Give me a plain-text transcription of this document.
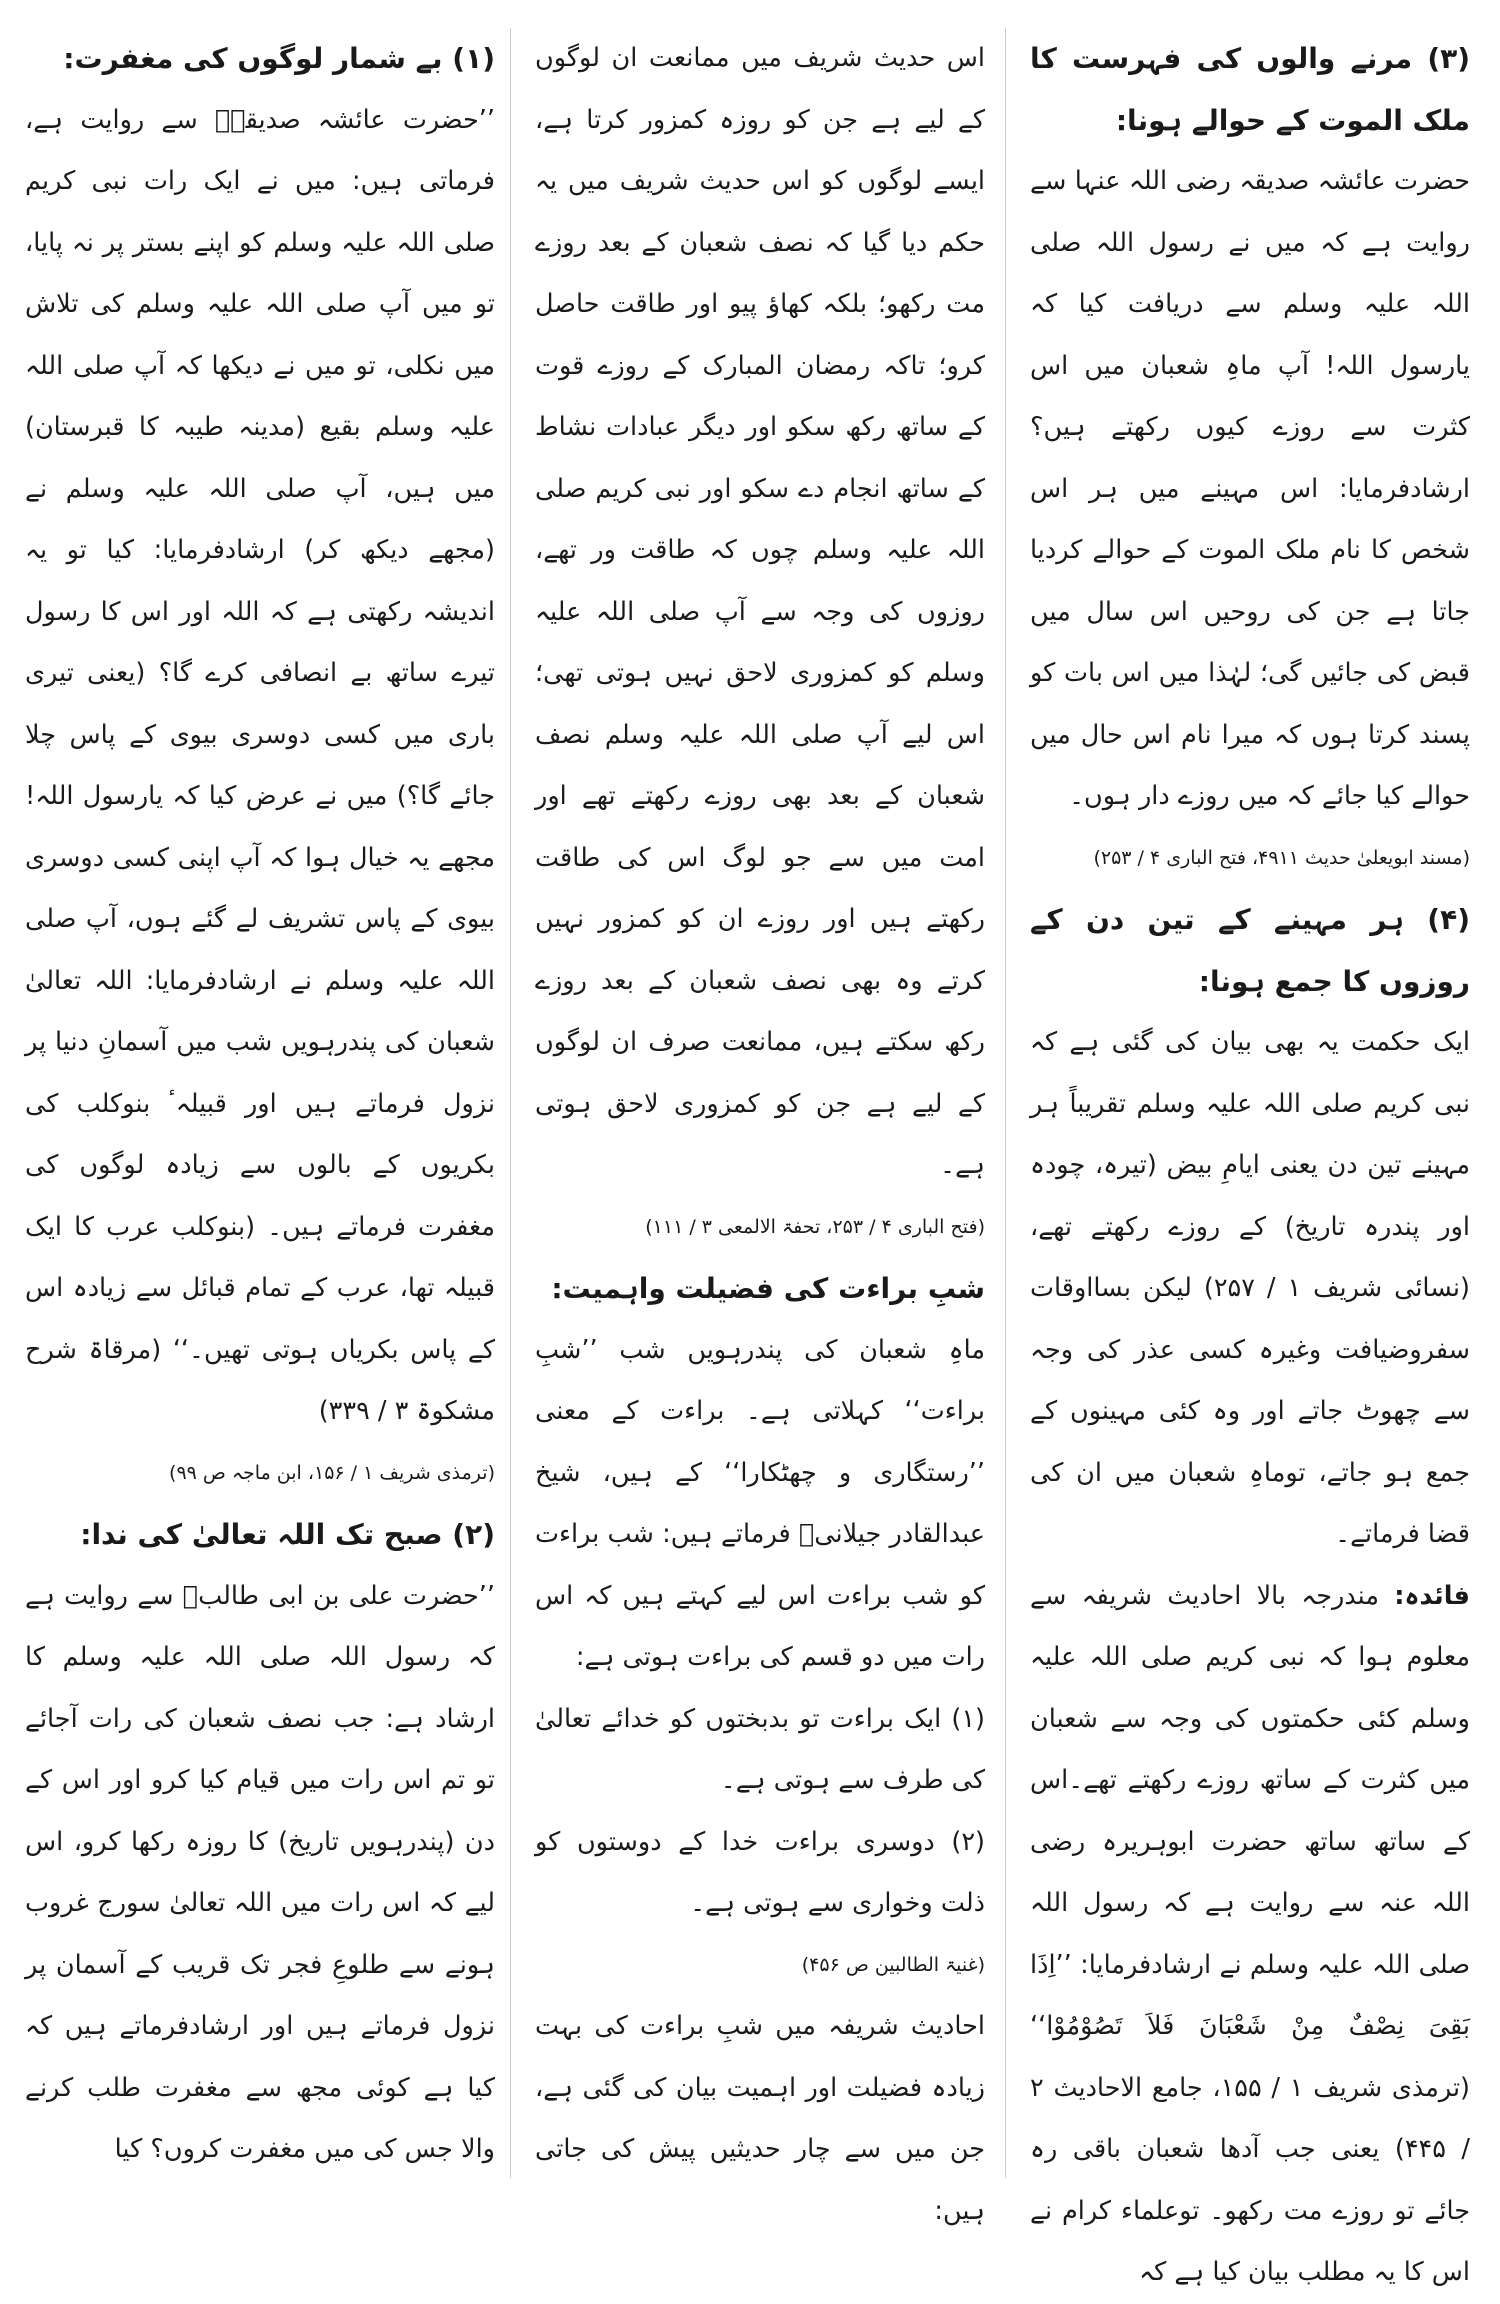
(۳) مرنے والوں کی فہرست کا ملک الموت کے حوالے ہونا:

حضرت عائشہ صدیقہ رضی اللہ عنہا سے روایت ہے کہ میں نے رسول اللہ صلی اللہ علیہ وسلم سے دریافت کیا کہ یارسول اللہ! آپ ماہِ شعبان میں اس کثرت سے روزے کیوں رکھتے ہیں؟ ارشادفرمایا: اس مہینے میں ہر اس شخص کا نام ملک الموت کے حوالے کردیا جاتا ہے جن کی روحیں اس سال میں قبض کی جائیں گی؛ لہٰذا میں اس بات کو پسند کرتا ہوں کہ میرا نام اس حال میں حوالے کیا جائے کہ میں روزے دار ہوں۔

(مسند ابویعلیٰ حدیث ۴۹۱۱، فتح الباری ۴ / ۲۵۳)

(۴) ہر مہینے کے تین دن کے روزوں کا جمع ہونا:

ایک حکمت یہ بھی بیان کی گئی ہے کہ نبی کریم صلی اللہ علیہ وسلم تقریباً ہر مہینے تین دن یعنی ایامِ بیض (تیرہ، چودہ اور پندرہ تاریخ) کے روزے رکھتے تھے، (نسائی شریف ۱ / ۲۵۷) لیکن بسااوقات سفروضیافت وغیرہ کسی عذر کی وجہ سے چھوٹ جاتے اور وہ کئی مہینوں کے جمع ہو جاتے، توماہِ شعبان میں ان کی قضا فرماتے۔

فائدہ: مندرجہ بالا احادیث شریفہ سے معلوم ہوا کہ نبی کریم صلی اللہ علیہ وسلم کئی حکمتوں کی وجہ سے شعبان میں کثرت کے ساتھ روزے رکھتے تھے۔اس کے ساتھ ساتھ حضرت ابوہریرہ رضی اللہ عنہ سے روایت ہے کہ رسول اللہ صلی اللہ علیہ وسلم نے ارشادفرمایا: ’’اِذَا بَقِیَ نِصْفٌ مِنْ شَعْبَانَ فَلاَ تَصُوْمُوْا‘‘ (ترمذی شریف ۱ / ۱۵۵، جامع الاحادیث ۲ / ۴۴۵) یعنی جب آدھا شعبان باقی رہ جائے تو روزے مت رکھو۔ توعلماء کرام نے اس کا یہ مطلب بیان کیا ہے کہ

اس حدیث شریف میں ممانعت ان لوگوں کے لیے ہے جن کو روزہ کمزور کرتا ہے، ایسے لوگوں کو اس حدیث شریف میں یہ حکم دیا گیا کہ نصف شعبان کے بعد روزے مت رکھو؛ بلکہ کھاؤ پیو اور طاقت حاصل کرو؛ تاکہ رمضان المبارک کے روزے قوت کے ساتھ رکھ سکو اور دیگر عبادات نشاط کے ساتھ انجام دے سکو اور نبی کریم صلی اللہ علیہ وسلم چوں کہ طاقت ور تھے، روزوں کی وجہ سے آپ صلی اللہ علیہ وسلم کو کمزوری لاحق نہیں ہوتی تھی؛ اس لیے آپ صلی اللہ علیہ وسلم نصف شعبان کے بعد بھی روزے رکھتے تھے اور امت میں سے جو لوگ اس کی طاقت رکھتے ہیں اور روزے ان کو کمزور نہیں کرتے وہ بھی نصف شعبان کے بعد روزے رکھ سکتے ہیں، ممانعت صرف ان لوگوں کے لیے ہے جن کو کمزوری لاحق ہوتی ہے۔

(فتح الباری ۴ / ۲۵۳، تحفۃ الالمعی ۳ / ۱۱۱)

شبِ براءت کی فضیلت واہمیت:

ماہِ شعبان کی پندرہویں شب ’’شبِ براءت‘‘ کہلاتی ہے۔ براءت کے معنی ’’رستگاری و چھٹکارا‘‘ کے ہیں، شیخ عبدالقادر جیلانیؒ فرماتے ہیں: شب براءت کو شب براءت اس لیے کہتے ہیں کہ اس رات میں دو قسم کی براءت ہوتی ہے:

(۱) ایک براءت تو بدبختوں کو خدائے تعالیٰ کی طرف سے ہوتی ہے۔

(۲) دوسری براءت خدا کے دوستوں کو ذلت وخواری سے ہوتی ہے۔

(غنیۃ الطالبین ص ۴۵۶)

احادیث شریفہ میں شبِ براءت کی بہت زیادہ فضیلت اور اہمیت بیان کی گئی ہے، جن میں سے چار حدیثیں پیش کی جاتی ہیں:

(۱) بے شمار لوگوں کی مغفرت:

’’حضرت عائشہ صدیقہؓ سے روایت ہے، فرماتی ہیں: میں نے ایک رات نبی کریم صلی اللہ علیہ وسلم کو اپنے بستر پر نہ پایا، تو میں آپ صلی اللہ علیہ وسلم کی تلاش میں نکلی، تو میں نے دیکھا کہ آپ صلی اللہ علیہ وسلم بقیع (مدینہ طیبہ کا قبرستان) میں ہیں، آپ صلی اللہ علیہ وسلم نے (مجھے دیکھ کر) ارشادفرمایا: کیا تو یہ اندیشہ رکھتی ہے کہ اللہ اور اس کا رسول تیرے ساتھ بے انصافی کرے گا؟ (یعنی تیری باری میں کسی دوسری بیوی کے پاس چلا جائے گا؟) میں نے عرض کیا کہ یارسول اللہ! مجھے یہ خیال ہوا کہ آپ اپنی کسی دوسری بیوی کے پاس تشریف لے گئے ہوں، آپ صلی اللہ علیہ وسلم نے ارشادفرمایا: اللہ تعالیٰ شعبان کی پندرہویں شب میں آسمانِ دنیا پر نزول فرماتے ہیں اور قبیلہٴ بنوکلب کی بکریوں کے بالوں سے زیادہ لوگوں کی مغفرت فرماتے ہیں۔ (بنوکلب عرب کا ایک قبیلہ تھا، عرب کے تمام قبائل سے زیادہ اس کے پاس بکریاں ہوتی تھیں۔‘‘ (مرقاۃ شرح مشکوۃ ۳ / ۳۳۹)

(ترمذی شریف ۱ / ۱۵۶، ابن ماجہ ص ۹۹)

(۲) صبح تک اللہ تعالیٰ کی ندا:

’’حضرت علی بن ابی طالبؓ سے روایت ہے کہ رسول اللہ صلی اللہ علیہ وسلم کا ارشاد ہے: جب نصف شعبان کی رات آجائے تو تم اس رات میں قیام کیا کرو اور اس کے دن (پندرہویں تاریخ) کا روزہ رکھا کرو، اس لیے کہ اس رات میں اللہ تعالیٰ سورج غروب ہونے سے طلوعِ فجر تک قریب کے آسمان پر نزول فرماتے ہیں اور ارشادفرماتے ہیں کہ کیا ہے کوئی مجھ سے مغفرت طلب کرنے والا جس کی میں مغفرت کروں؟ کیا
